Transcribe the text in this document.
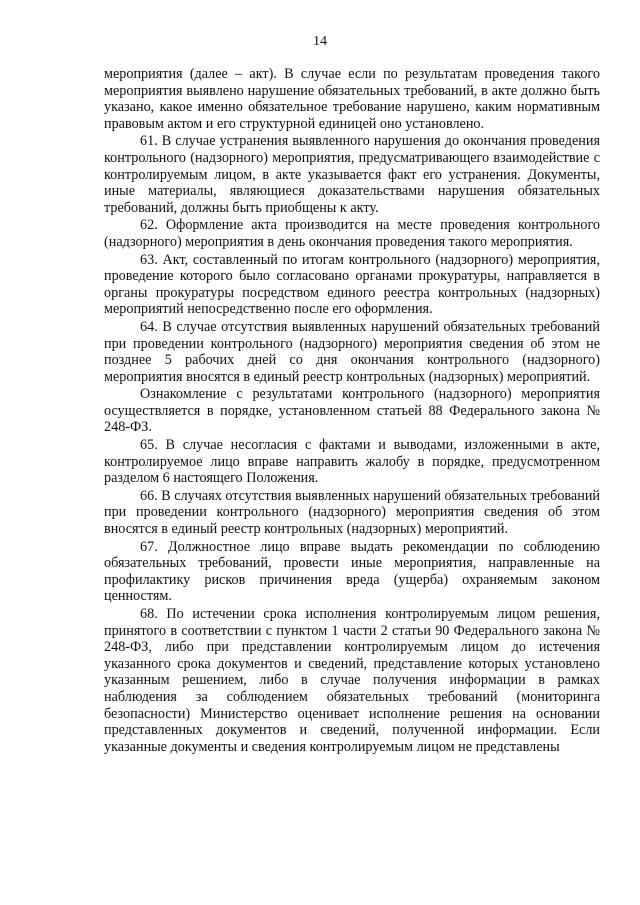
14

мероприятия (далее – акт). В случае если по результатам проведения такого мероприятия выявлено нарушение обязательных требований, в акте должно быть указано, какое именно обязательное требование нарушено, каким нормативным правовым актом и его структурной единицей оно установлено.

61. В случае устранения выявленного нарушения до окончания проведения контрольного (надзорного) мероприятия, предусматривающего взаимодействие с контролируемым лицом, в акте указывается факт его устранения. Документы, иные материалы, являющиеся доказательствами нарушения обязательных требований, должны быть приобщены к акту.

62. Оформление акта производится на месте проведения контрольного (надзорного) мероприятия в день окончания проведения такого мероприятия.

63. Акт, составленный по итогам контрольного (надзорного) мероприятия, проведение которого было согласовано органами прокуратуры, направляется в органы прокуратуры посредством единого реестра контрольных (надзорных) мероприятий непосредственно после его оформления.

64. В случае отсутствия выявленных нарушений обязательных требований при проведении контрольного (надзорного) мероприятия сведения об этом не позднее 5 рабочих дней со дня окончания контрольного (надзорного) мероприятия вносятся в единый реестр контрольных (надзорных) мероприятий.

Ознакомление с результатами контрольного (надзорного) мероприятия осуществляется в порядке, установленном статьей 88 Федерального закона № 248-ФЗ.

65. В случае несогласия с фактами и выводами, изложенными в акте, контролируемое лицо вправе направить жалобу в порядке, предусмотренном разделом 6 настоящего Положения.

66. В случаях отсутствия выявленных нарушений обязательных требований при проведении контрольного (надзорного) мероприятия сведения об этом вносятся в единый реестр контрольных (надзорных) мероприятий.

67. Должностное лицо вправе выдать рекомендации по соблюдению обязательных требований, провести иные мероприятия, направленные на профилактику рисков причинения вреда (ущерба) охраняемым законом ценностям.

68. По истечении срока исполнения контролируемым лицом решения, принятого в соответствии с пунктом 1 части 2 статьи 90 Федерального закона № 248-ФЗ, либо при представлении контролируемым лицом до истечения указанного срока документов и сведений, представление которых установлено указанным решением, либо в случае получения информации в рамках наблюдения за соблюдением обязательных требований (мониторинга безопасности) Министерство оценивает исполнение решения на основании представленных документов и сведений, полученной информации. Если указанные документы и сведения контролируемым лицом не представлены
